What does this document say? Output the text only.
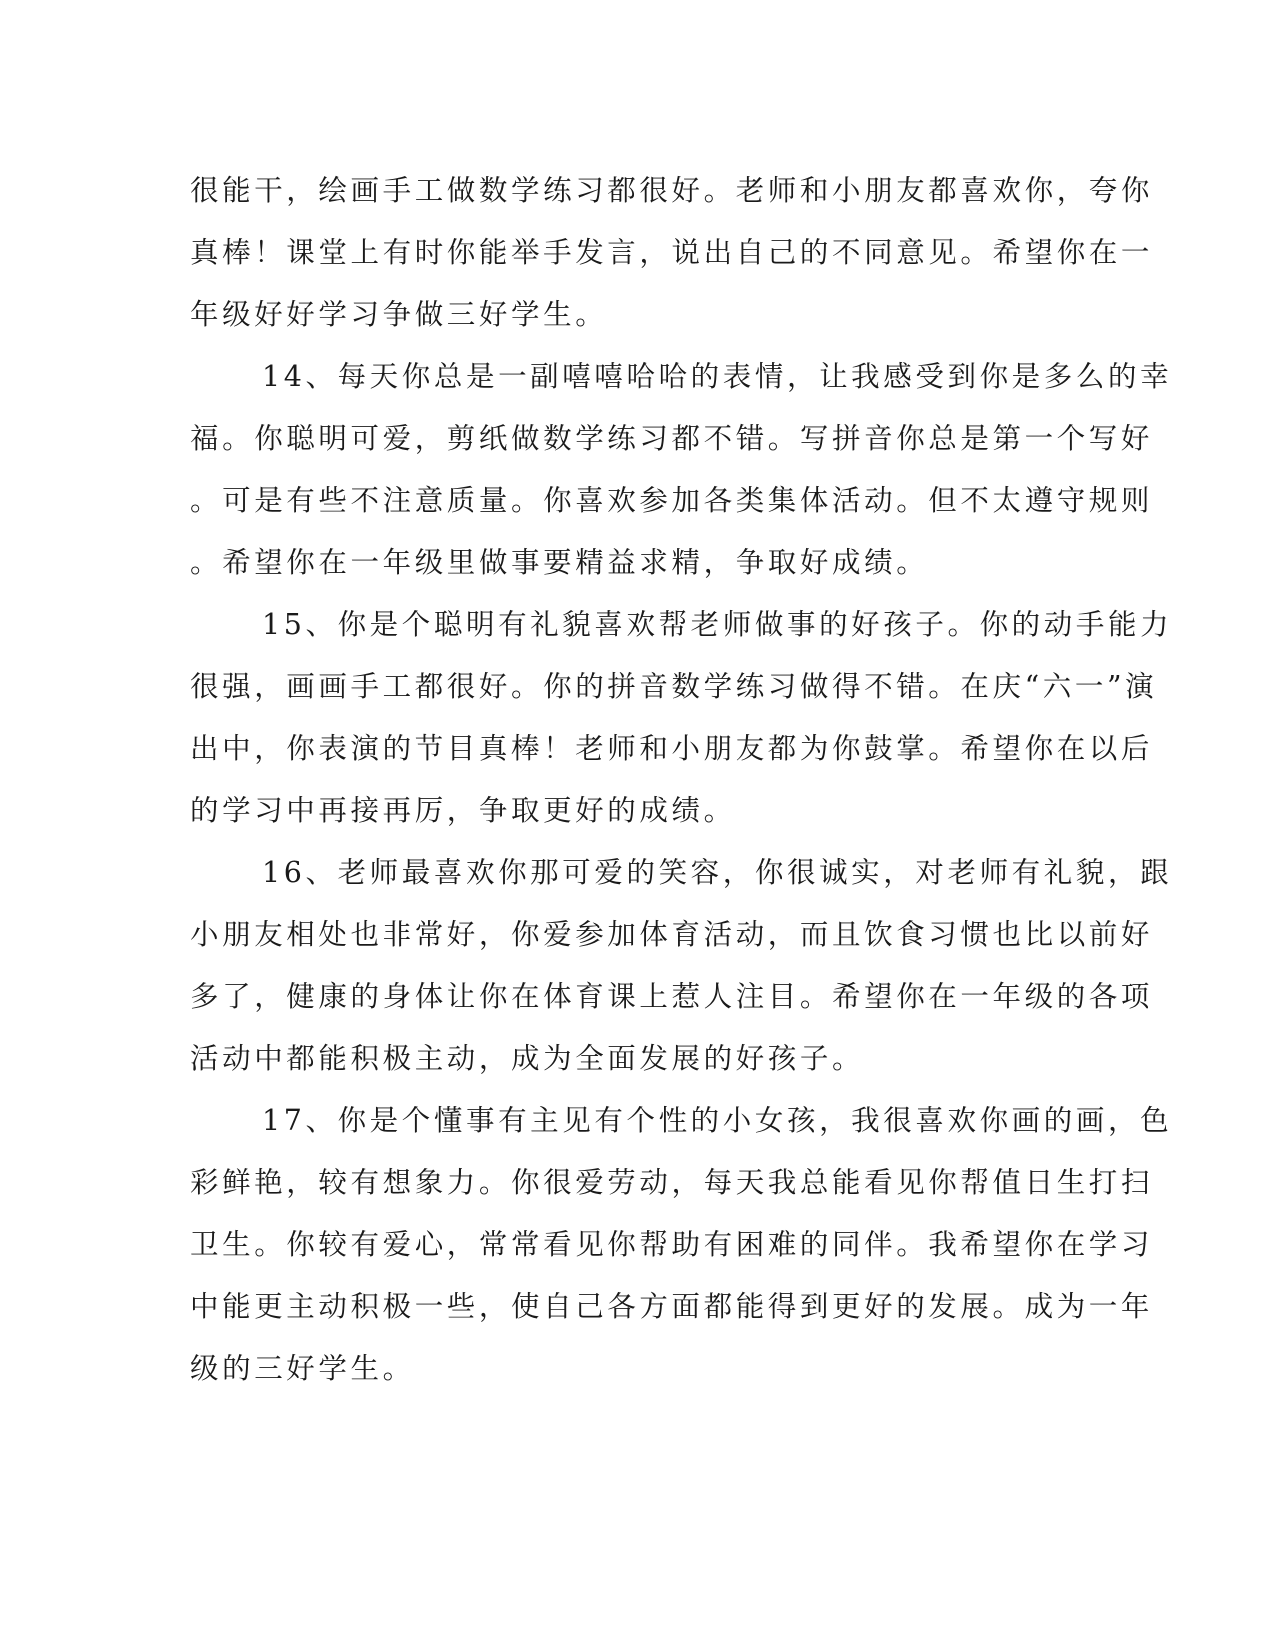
很能干，绘画手工做数学练习都很好。老师和小朋友都喜欢你，夸你
真棒！课堂上有时你能举手发言，说出自己的不同意见。希望你在一
年级好好学习争做三好学生。

14、每天你总是一副嘻嘻哈哈的表情，让我感受到你是多么的幸
福。你聪明可爱，剪纸做数学练习都不错。写拼音你总是第一个写好
。可是有些不注意质量。你喜欢参加各类集体活动。但不太遵守规则
。希望你在一年级里做事要精益求精，争取好成绩。

15、你是个聪明有礼貌喜欢帮老师做事的好孩子。你的动手能力
很强，画画手工都很好。你的拼音数学练习做得不错。在庆“六一”演
出中，你表演的节目真棒！老师和小朋友都为你鼓掌。希望你在以后
的学习中再接再厉，争取更好的成绩。

16、老师最喜欢你那可爱的笑容，你很诚实，对老师有礼貌，跟
小朋友相处也非常好，你爱参加体育活动，而且饮食习惯也比以前好
多了，健康的身体让你在体育课上惹人注目。希望你在一年级的各项
活动中都能积极主动，成为全面发展的好孩子。

17、你是个懂事有主见有个性的小女孩，我很喜欢你画的画，色
彩鲜艳，较有想象力。你很爱劳动，每天我总能看见你帮值日生打扫
卫生。你较有爱心，常常看见你帮助有困难的同伴。我希望你在学习
中能更主动积极一些，使自己各方面都能得到更好的发展。成为一年
级的三好学生。
